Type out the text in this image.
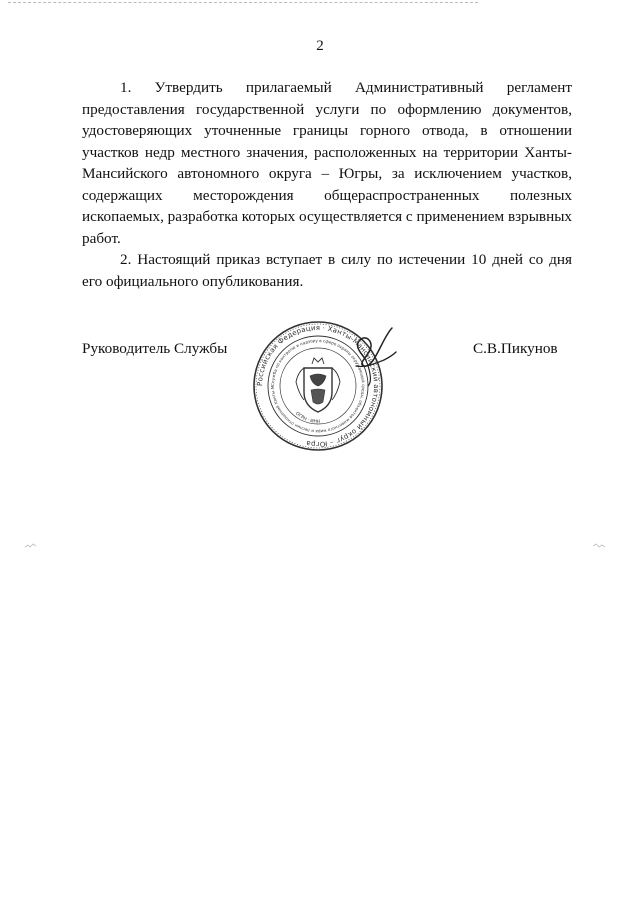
2

1. Утвердить прилагаемый Административный регламент предоставления государственной услуги по оформлению документов, удостоверяющих уточненные границы горного отвода, в отношении участков недр местного значения, расположенных на территории Ханты-Мансийского автономного округа – Югры, за исключением участков, содержащих месторождения общераспространенных полезных ископаемых, разработка которых осуществляется с применением взрывных работ.

2. Настоящий приказ вступает в силу по истечении 10 дней со дня его официального опубликования.

Руководитель Службы
Российская Федерация · Ханты-Мансийский автономный округ – Югра
Служба по контролю и надзору в сфере охраны окружающей среды, объектов животного мира и лесных отношений Ханты-М
ОГРН · ИНН
С.В.Пикунов
